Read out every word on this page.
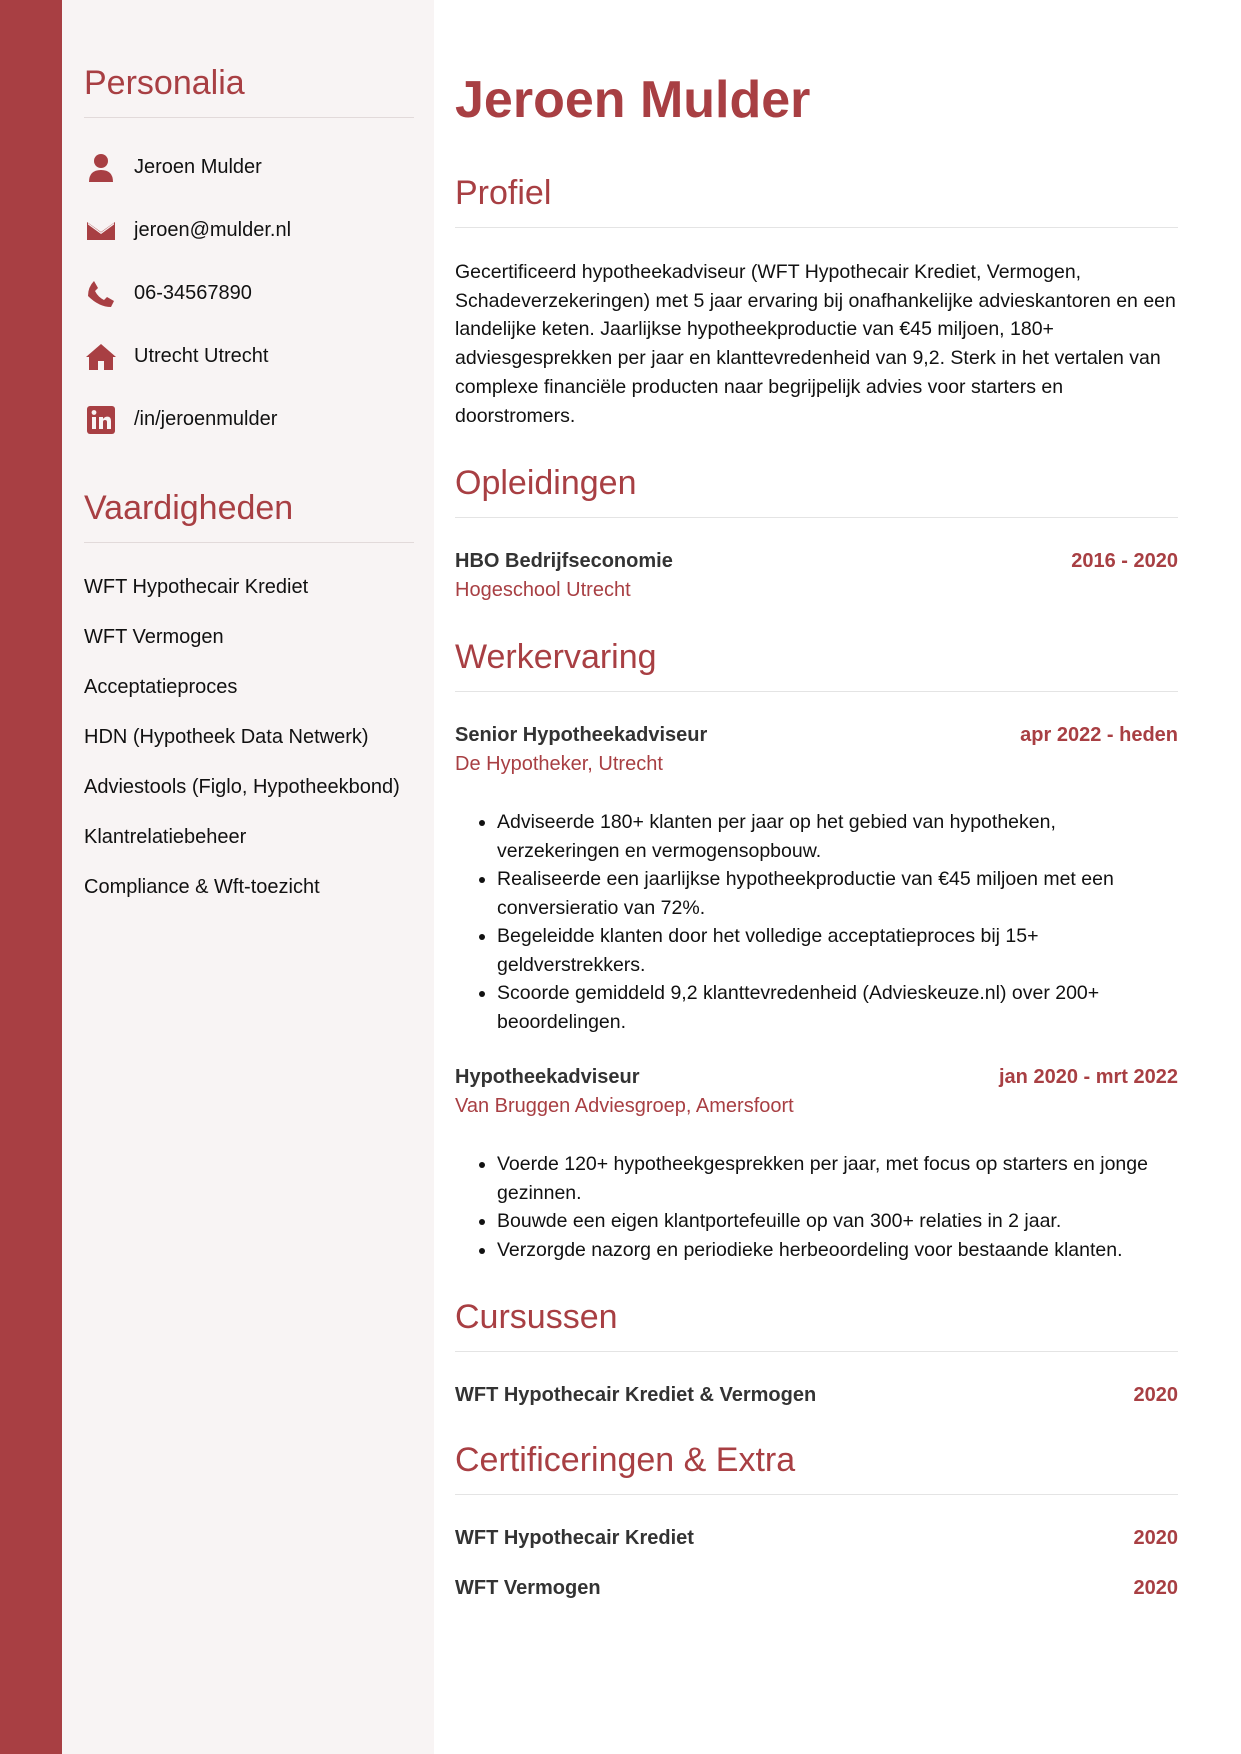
Personalia
Jeroen Mulder
jeroen@mulder.nl
06-34567890
Utrecht Utrecht
/in/jeroenmulder
Vaardigheden
WFT Hypothecair Krediet
WFT Vermogen
Acceptatieproces
HDN (Hypotheek Data Netwerk)
Adviestools (Figlo, Hypotheekbond)
Klantrelatiebeheer
Compliance & Wft-toezicht
Jeroen Mulder
Profiel

Gecertificeerd hypotheekadviseur (WFT Hypothecair Krediet, Vermogen, Schadeverzekeringen) met 5 jaar ervaring bij onafhankelijke advieskantoren en een landelijke keten. Jaarlijkse hypotheekproductie van €45 miljoen, 180+ adviesgesprekken per jaar en klanttevredenheid van 9,2. Sterk in het vertalen van complexe financiële producten naar begrijpelijk advies voor starters en doorstromers.

Opleidingen
HBO Bedrijfseconomie	2016 - 2020
Hogeschool Utrecht
Werkervaring
Senior Hypotheekadviseur	apr 2022 - heden
De Hypotheker, Utrecht
• Adviseerde 180+ klanten per jaar op het gebied van hypotheken, verzekeringen en vermogensopbouw.
• Realiseerde een jaarlijkse hypotheekproductie van €45 miljoen met een conversieratio van 72%.
• Begeleidde klanten door het volledige acceptatieproces bij 15+ geldverstrekkers.
• Scoorde gemiddeld 9,2 klanttevredenheid (Advieskeuze.nl) over 200+ beoordelingen.
Hypotheekadviseur	jan 2020 - mrt 2022
Van Bruggen Adviesgroep, Amersfoort
• Voerde 120+ hypotheekgesprekken per jaar, met focus op starters en jonge gezinnen.
• Bouwde een eigen klantportefeuille op van 300+ relaties in 2 jaar.
• Verzorgde nazorg en periodieke herbeoordeling voor bestaande klanten.
Cursussen
WFT Hypothecair Krediet & Vermogen	2020
Certificeringen & Extra
WFT Hypothecair Krediet	2020
WFT Vermogen	2020
